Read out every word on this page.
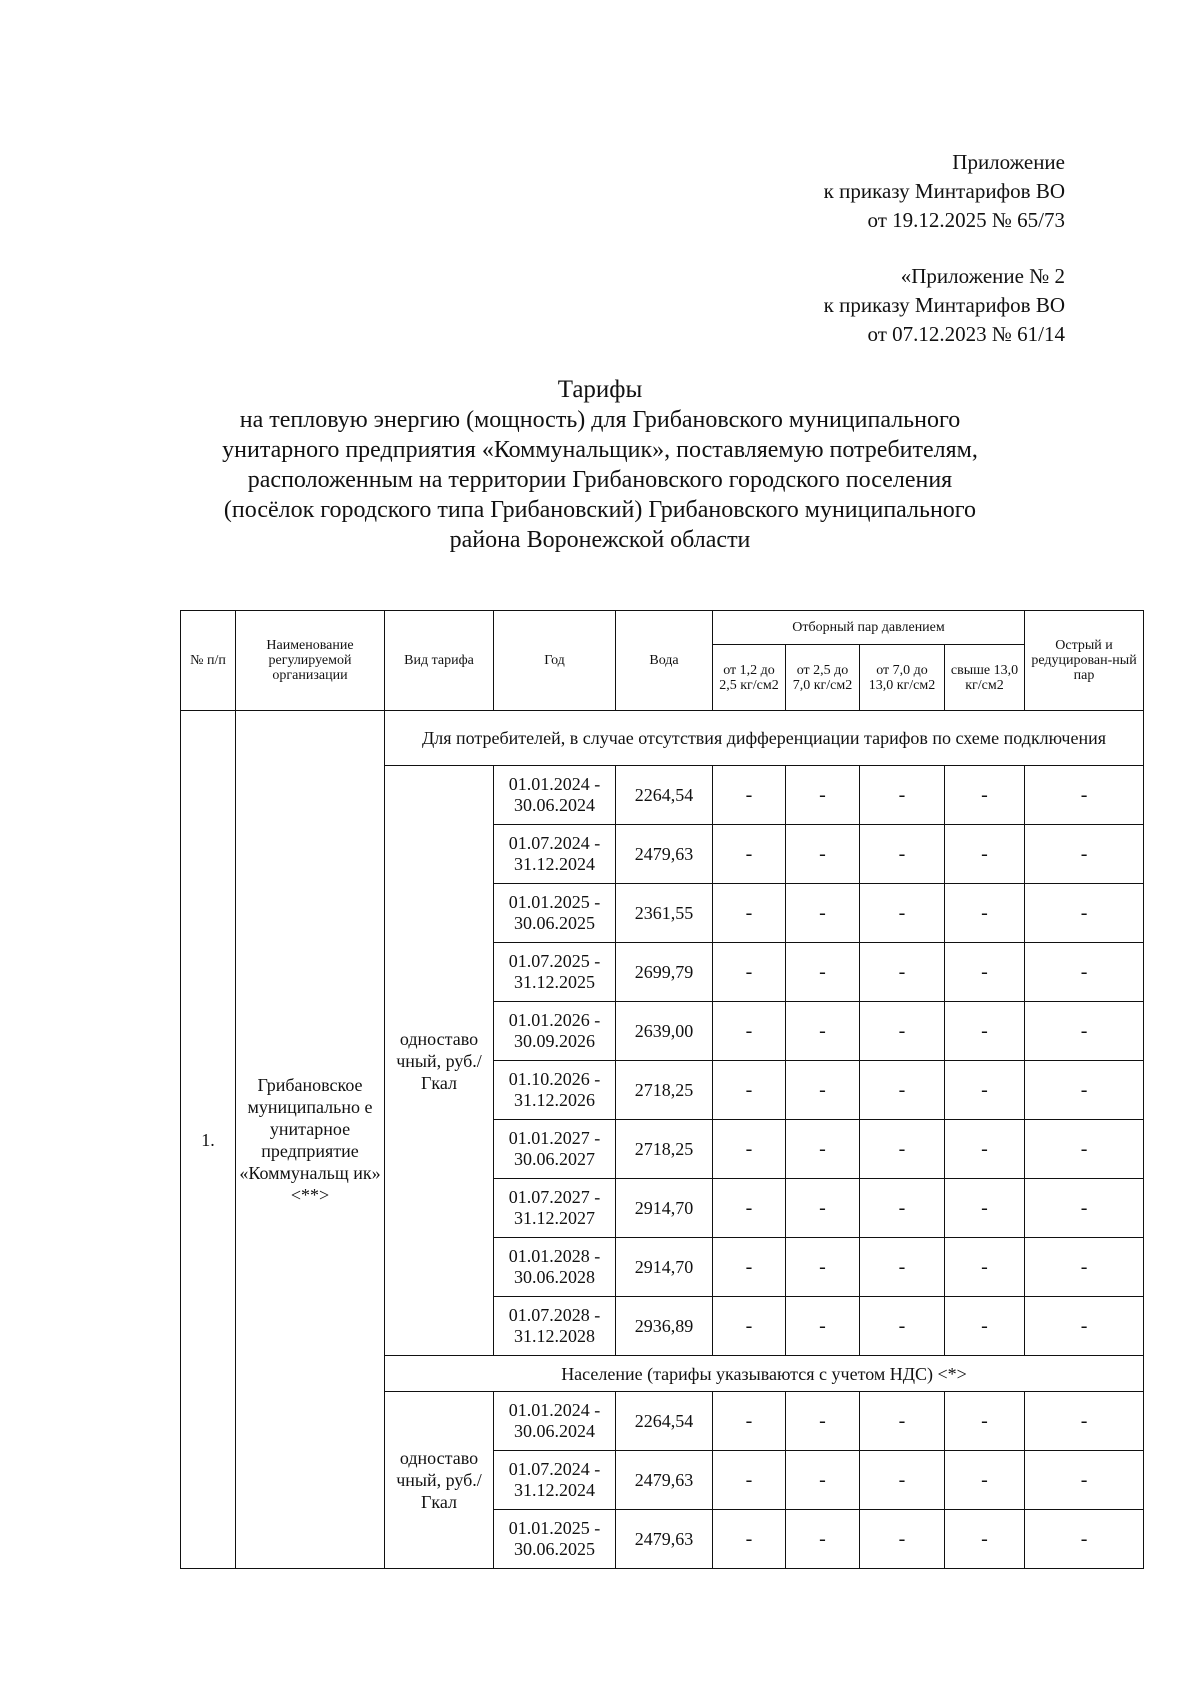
Приложение
к приказу Минтарифов ВО
от 19.12.2025 № 65/73
«Приложение № 2
к приказу Минтарифов ВО
от 07.12.2023 № 61/14
Тарифы
на тепловую энергию (мощность) для Грибановского муниципального
унитарного предприятия «Коммунальщик», поставляемую потребителям,
расположенным на территории Грибановского городского поселения
(посёлок городского типа Грибановский) Грибановского муниципального
района Воронежской области
№ п/п	Наименование регулируемой организации	Вид тарифа	Год	Вода	Отборный пар давлением				Острый и редуцирован-ный пар
					от 1,2 до 2,5 кг/см2	от 2,5 до 7,0 кг/см2	от 7,0 до 13,0 кг/см2	свыше 13,0 кг/см2	
1.	Грибановское муниципально е унитарное предприятие «Коммунальщ ик» <**>	Для потребителей, в случае отсутствия дифференциации тарифов по схеме подключения							
		одноставо чный, руб./Гкал	01.01.2024 - 30.06.2024	2264,54	-	-	-	-	-
			01.07.2024 - 31.12.2024	2479,63	-	-	-	-	-
			01.01.2025 - 30.06.2025	2361,55	-	-	-	-	-
			01.07.2025 - 31.12.2025	2699,79	-	-	-	-	-
			01.01.2026 - 30.09.2026	2639,00	-	-	-	-	-
			01.10.2026 - 31.12.2026	2718,25	-	-	-	-	-
			01.01.2027 - 30.06.2027	2718,25	-	-	-	-	-
			01.07.2027 - 31.12.2027	2914,70	-	-	-	-	-
			01.01.2028 - 30.06.2028	2914,70	-	-	-	-	-
			01.07.2028 - 31.12.2028	2936,89	-	-	-	-	-
		Население (тарифы указываются с учетом НДС) <*>							
		одноставо чный, руб./Гкал	01.01.2024 - 30.06.2024	2264,54	-	-	-	-	-
			01.07.2024 - 31.12.2024	2479,63	-	-	-	-	-
			01.01.2025 - 30.06.2025	2479,63	-	-	-	-	-
